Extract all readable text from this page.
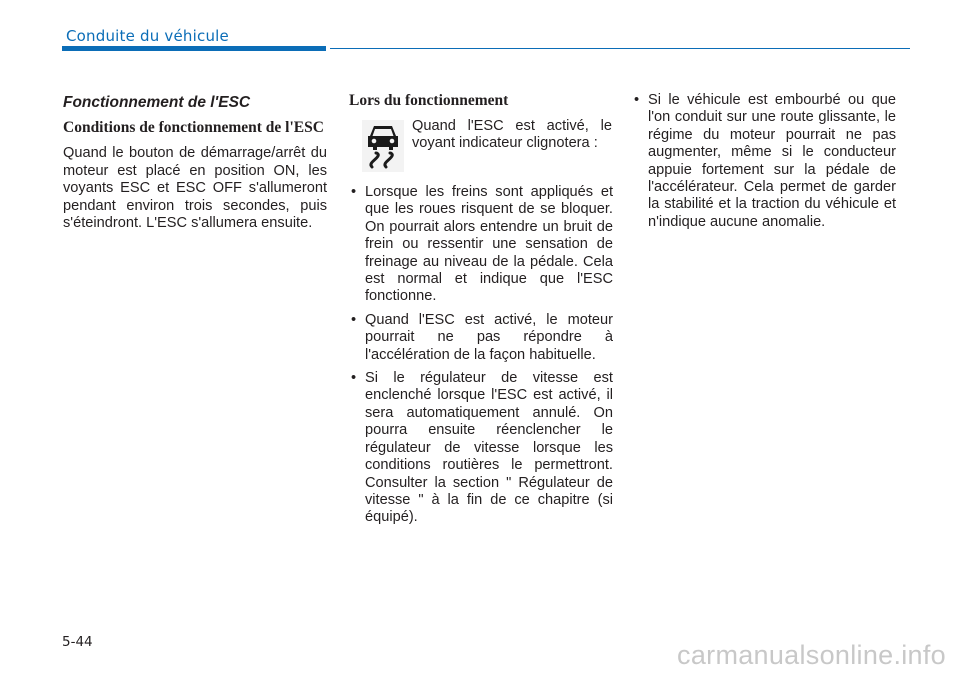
Conduite du véhicule
Fonctionnement de l'ESC
Conditions de fonctionnement de l'ESC

Quand le bouton de démarrage/arrêt du moteur est placé en position ON, les voyants ESC et ESC OFF s'allumeront pendant environ trois secondes, puis s'éteindront. L'ESC s'allumera ensuite.

Lors du fonctionnement
Quand l'ESC est activé, le voyant indicateur clignotera :
• Lorsque les freins sont appliqués et que les roues risquent de se bloquer. On pourrait alors entendre un bruit de frein ou ressentir une sensation de freinage au niveau de la pédale. Cela est normal et indique que l'ESC fonctionne.
• Quand l'ESC est activé, le moteur pourrait ne pas répondre à l'accélération de la façon habituelle.
• Si le régulateur de vitesse est enclenché lorsque l'ESC est activé, il sera automatiquement annulé. On pourra ensuite réenclencher le régulateur de vitesse lorsque les conditions routières le permettront. Consulter la section " Régulateur de vitesse " à la fin de ce chapitre (si équipé).
• Si le véhicule est embourbé ou que l'on conduit sur une route glissante, le régime du moteur pourrait ne pas augmenter, même si le conducteur appuie fortement sur la pédale de l'accélérateur. Cela permet de garder la stabilité et la traction du véhicule et n'indique aucune anomalie.
5-44	carmanualsonline.info
